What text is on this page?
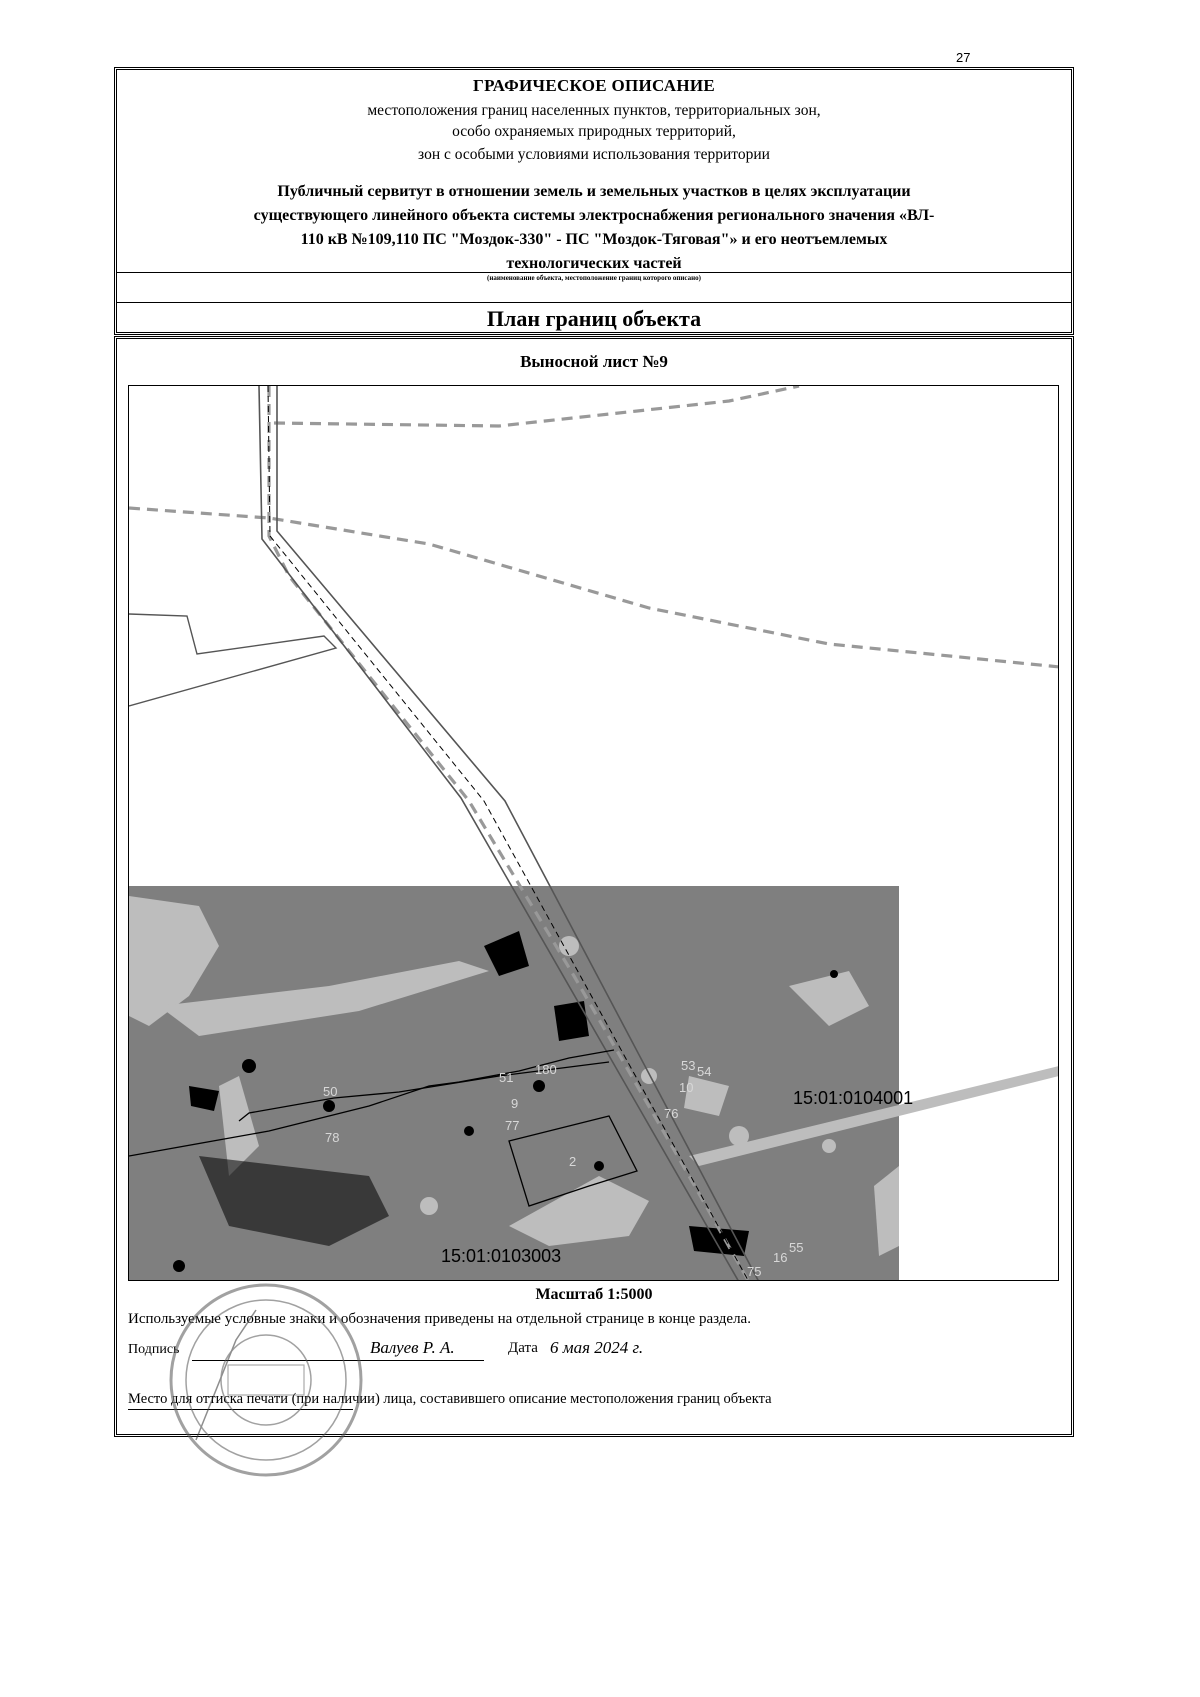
27
ГРАФИЧЕСКОЕ ОПИСАНИЕ
местоположения границ населенных пунктов, территориальных зон,
особо охраняемых природных территорий,
зон с особыми условиями использования территории
Публичный сервитут в отношении земель и земельных участков в целях эксплуатации
существующего линейного объекта системы электроснабжения регионального значения «ВЛ-
110 кВ №109,110 ПС "Моздок-330" - ПС "Моздок-Тяговая"» и его неотъемлемых
технологических частей
(наименование объекта, местоположение границ которого описано)
План границ объекта
Выносной лист №9
15:01:0104001
15:01:0103003
180
51
50
9
77
78
76
10
53 54
2
16
55
75
Масштаб 1:5000
Используемые условные знаки и обозначения приведены на отдельной странице в конце раздела.
Подпись	Валуев Р. А.	Дата 6 мая 2024 г.
Место для оттиска печати (при наличии) лица, составившего описание местоположения границ объекта
